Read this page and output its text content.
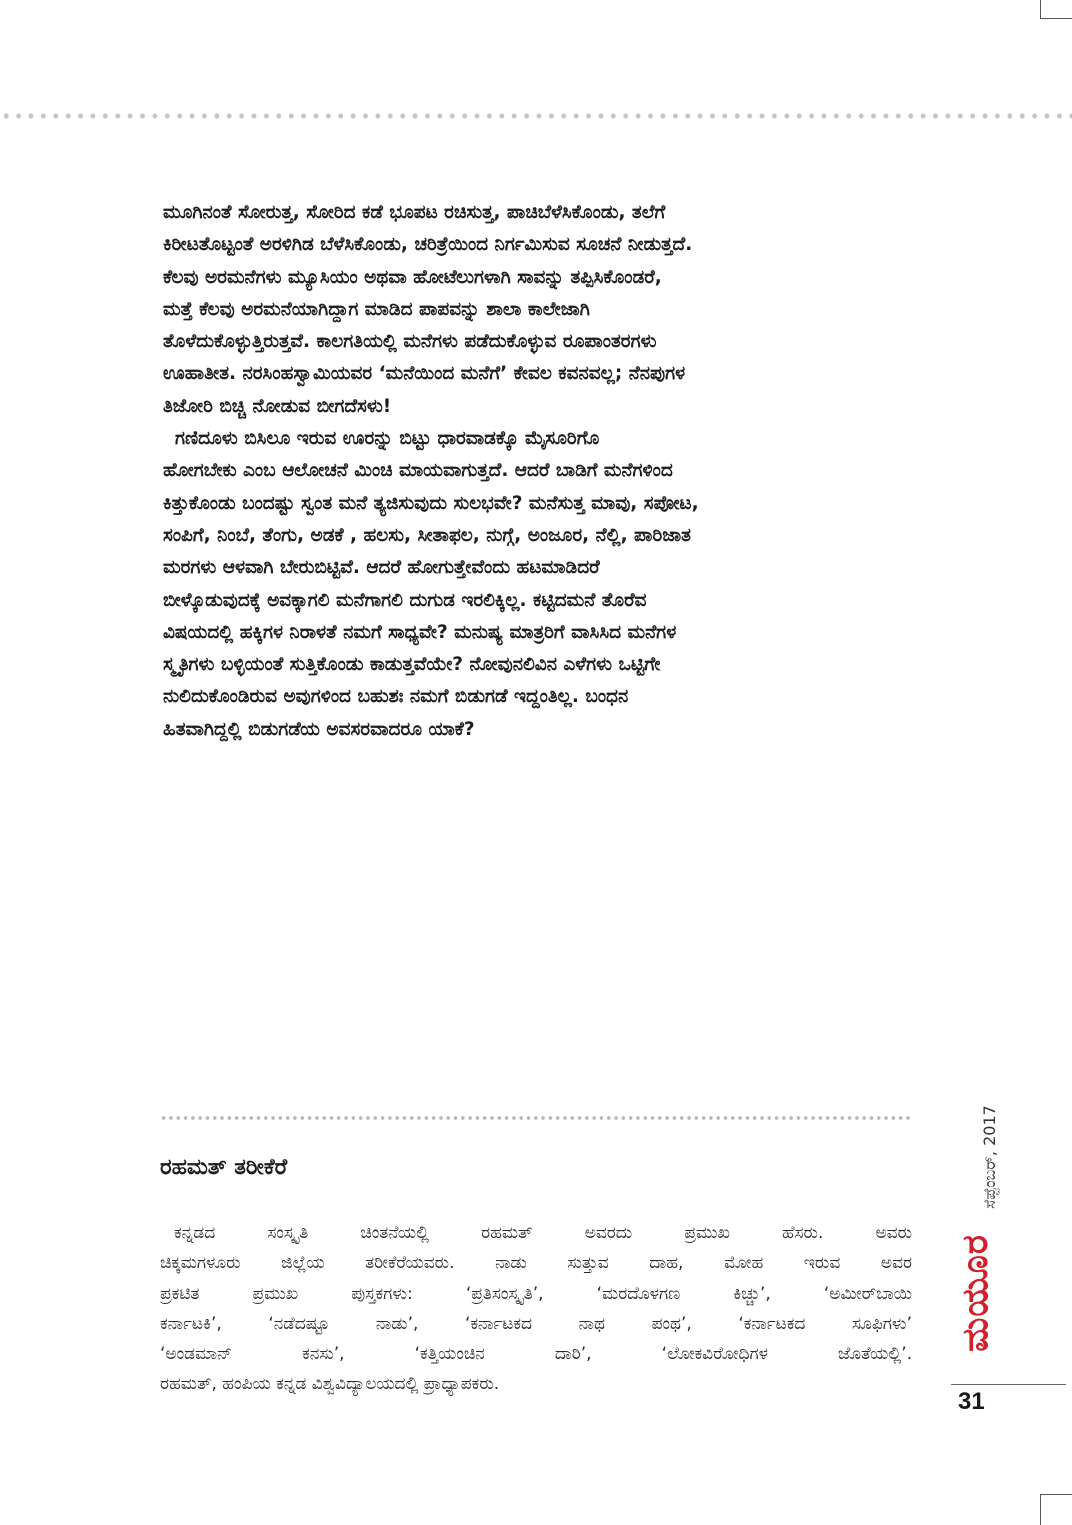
ಮೂಗಿನಂತೆ ಸೋರುತ್ತ, ಸೋರಿದ ಕಡೆ ಭೂಪಟ ರಚಿಸುತ್ತ, ಪಾಚಿಬೆಳೆಸಿಕೊಂಡು, ತಲೆಗೆ
ಕಿರೀಟತೊಟ್ಟಂತೆ ಅರಳಿಗಿಡ ಬೆಳೆಸಿಕೊಂಡು, ಚರಿತ್ರೆಯಿಂದ ನಿರ್ಗಮಿಸುವ ಸೂಚನೆ ನೀಡುತ್ತದೆ.
ಕೆಲವು ಅರಮನೆಗಳು ಮ್ಯೂಸಿಯಂ ಅಥವಾ ಹೋಟೆಲುಗಳಾಗಿ ಸಾವನ್ನು ತಪ್ಪಿಸಿಕೊಂಡರೆ,
ಮತ್ತೆ ಕೆಲವು ಅರಮನೆಯಾಗಿದ್ದಾಗ ಮಾಡಿದ ಪಾಪವನ್ನು ಶಾಲಾ ಕಾಲೇಜಾಗಿ
ತೊಳೆದುಕೊಳ್ಳುತ್ತಿರುತ್ತವೆ. ಕಾಲಗತಿಯಲ್ಲಿ ಮನೆಗಳು ಪಡೆದುಕೊಳ್ಳುವ ರೂಪಾಂತರಗಳು
ಊಹಾತೀತ. ನರಸಿಂಹಸ್ವಾಮಿಯವರ ‘ಮನೆಯಿಂದ ಮನೆಗೆ’ ಕೇವಲ ಕವನವಲ್ಲ; ನೆನಪುಗಳ
ತಿಜೋರಿ ಬಿಚ್ಚಿ ನೋಡುವ ಬೀಗದೆಸಳು!
ಗಣಿದೂಳು ಬಿಸಿಲೂ ಇರುವ ಊರನ್ನು ಬಿಟ್ಟು ಧಾರವಾಡಕ್ಕೊ ಮೈಸೂರಿಗೊ
ಹೋಗಬೇಕು ಎಂಬ ಆಲೋಚನೆ ಮಿಂಚಿ ಮಾಯವಾಗುತ್ತದೆ. ಆದರೆ ಬಾಡಿಗೆ ಮನೆಗಳಿಂದ
ಕಿತ್ತುಕೊಂಡು ಬಂದಷ್ಟು ಸ್ವಂತ ಮನೆ ತ್ಯಜಿಸುವುದು ಸುಲಭವೇ? ಮನೆಸುತ್ತ ಮಾವು, ಸಪೋಟ,
ಸಂಪಿಗೆ, ನಿಂಬೆ, ತೆಂಗು, ಅಡಕೆ , ಹಲಸು, ಸೀತಾಫಲ, ನುಗ್ಗೆ, ಅಂಜೂರ, ನೆಲ್ಲಿ, ಪಾರಿಜಾತ
ಮರಗಳು ಆಳವಾಗಿ ಬೇರುಬಿಟ್ಟಿವೆ. ಆದರೆ ಹೋಗುತ್ತೇವೆಂದು ಹಟಮಾಡಿದರೆ
ಬೀಳ್ಕೊಡುವುದಕ್ಕೆ ಅವಕ್ಕಾಗಲಿ ಮನೆಗಾಗಲಿ ದುಗುಡ ಇರಲಿಕ್ಕಿಲ್ಲ. ಕಟ್ಟಿದಮನೆ ತೊರೆವ
ವಿಷಯದಲ್ಲಿ ಹಕ್ಕಿಗಳ ನಿರಾಳತೆ ನಮಗೆ ಸಾಧ್ಯವೇ? ಮನುಷ್ಯ ಮಾತ್ರರಿಗೆ ವಾಸಿಸಿದ ಮನೆಗಳ
ಸ್ಮೃತಿಗಳು ಬಳ್ಳಿಯಂತೆ ಸುತ್ತಿಕೊಂಡು ಕಾಡುತ್ತವೆಯೇ? ನೋವುನಲಿವಿನ ಎಳೆಗಳು ಒಟ್ಟಿಗೇ
ನುಲಿದುಕೊಂಡಿರುವ ಅವುಗಳಿಂದ ಬಹುಶಃ ನಮಗೆ ಬಿಡುಗಡೆ ಇದ್ದಂತಿಲ್ಲ. ಬಂಧನ
ಹಿತವಾಗಿದ್ದಲ್ಲಿ ಬಿಡುಗಡೆಯ ಅವಸರವಾದರೂ ಯಾಕೆ?
ರಹಮತ್ ತರೀಕೆರೆ
ಕನ್ನಡದ ಸಂಸ್ಕೃತಿ ಚಿಂತನೆಯಲ್ಲಿ ರಹಮತ್ ಅವರದು ಪ್ರಮುಖ ಹೆಸರು. ಅವರು
ಚಿಕ್ಕಮಗಳೂರು ಜಿಲ್ಲೆಯ ತರೀಕೆರೆಯವರು. ನಾಡು ಸುತ್ತುವ ದಾಹ, ಮೋಹ ಇರುವ ಅವರ
ಪ್ರಕಟಿತ ಪ್ರಮುಖ ಪುಸ್ತಕಗಳು: ‘ಪ್ರತಿಸಂಸ್ಕೃತಿ’, ‘ಮರದೊಳಗಣ ಕಿಚ್ಚು’, ‘ಅಮೀರ್‌ಬಾಯಿ
ಕರ್ನಾಟಕಿ’, ‘ನಡೆದಷ್ಟೂ ನಾಡು’, ‘ಕರ್ನಾಟಕದ ನಾಥ ಪಂಥ’, ‘ಕರ್ನಾಟಕದ ಸೂಫಿಗಳು’
‘ಅಂಡಮಾನ್ ಕನಸು’, ‘ಕತ್ತಿಯಂಚಿನ ದಾರಿ’, ‘ಲೋಕವಿರೋಧಿಗಳ ಜೊತೆಯಲ್ಲಿ’.
ರಹಮತ್, ಹಂಪಿಯ ಕನ್ನಡ ವಿಶ್ವವಿದ್ಯಾಲಯದಲ್ಲಿ ಪ್ರಾಧ್ಯಾಪಕರು.
ಸೆಪ್ಟೆಂಬರ್, 2017
ಮಯೂರ
31
